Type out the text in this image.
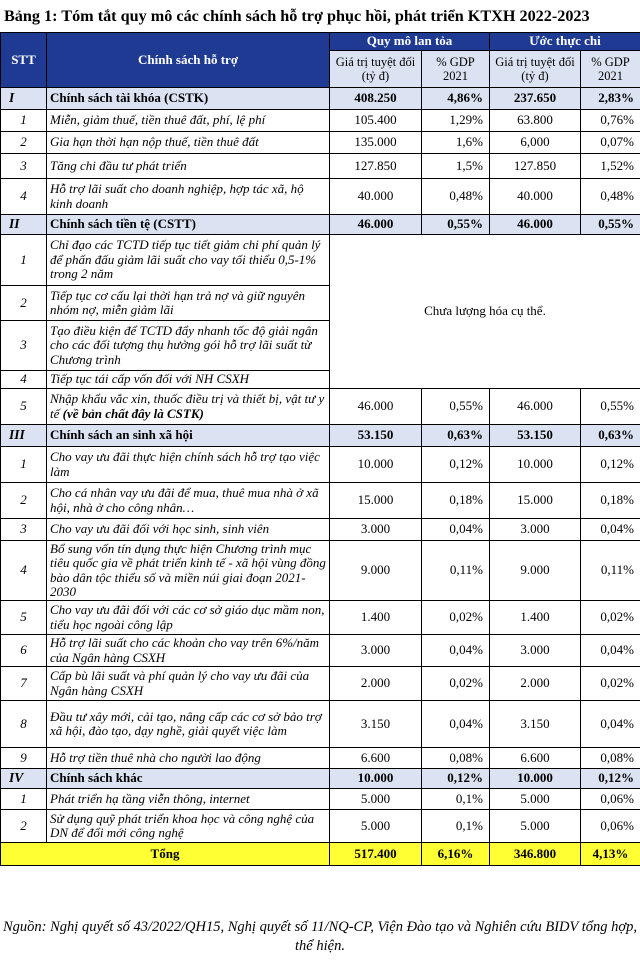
Bảng 1: Tóm tắt quy mô các chính sách hỗ trợ phục hồi, phát triển KTXH 2022-2023
STT	Chính sách hỗ trợ	Quy mô lan tỏa		Ước thực chi	
		Giá trị tuyệt đối (tỷ đ)	% GDP 2021	Giá trị tuyệt đối (tỷ đ)	% GDP 2021
I	Chính sách tài khóa (CSTK)	408.250	4,86%	237.650	2,83%
1	Miễn, giảm thuế, tiền thuê đất, phí, lệ phí	105.400	1,29%	63.800	0,76%
2	Gia hạn thời hạn nộp thuế, tiền thuê đất	135.000	1,6%	6,000	0,07%
3	Tăng chi đầu tư phát triển	127.850	1,5%	127.850	1,52%
4	Hỗ trợ lãi suất cho doanh nghiệp, hợp tác xã, hộ kinh doanh	40.000	0,48%	40.000	0,48%
II	Chính sách tiền tệ (CSTT)	46.000	0,55%	46.000	0,55%
1	Chỉ đạo các TCTD tiếp tục tiết giảm chi phí quản lý để phấn đấu giảm lãi suất cho vay tối thiểu 0,5-1% trong 2 năm	Chưa lượng hóa cụ thể.			
2	Tiếp tục cơ cấu lại thời hạn trả nợ và giữ nguyên nhóm nợ, miễn giảm lãi				
3	Tạo điều kiện để TCTD đẩy nhanh tốc độ giải ngân cho các đối tượng thụ hưởng gói hỗ trợ lãi suất từ Chương trình				
4	Tiếp tục tái cấp vốn đối với NH CSXH				
5	Nhập khẩu vắc xin, thuốc điều trị và thiết bị, vật tư y tế (về bản chất đây là CSTK)	46.000	0,55%	46.000	0,55%
III	Chính sách an sinh xã hội	53.150	0,63%	53.150	0,63%
1	Cho vay ưu đãi thực hiện chính sách hỗ trợ tạo việc làm	10.000	0,12%	10.000	0,12%
2	Cho cá nhân vay ưu đãi để mua, thuê mua nhà ở xã hội, nhà ở cho công nhân…	15.000	0,18%	15.000	0,18%
3	Cho vay ưu đãi đối với học sinh, sinh viên	3.000	0,04%	3.000	0,04%
4	Bổ sung vốn tín dụng thực hiện Chương trình mục tiêu quốc gia về phát triển kinh tế - xã hội vùng đồng bào dân tộc thiểu số và miền núi giai đoạn 2021-2030	9.000	0,11%	9.000	0,11%
5	Cho vay ưu đãi đối với các cơ sở giáo dục mầm non, tiểu học ngoài công lập	1.400	0,02%	1.400	0,02%
6	Hỗ trợ lãi suất cho các khoản cho vay trên 6%/năm của Ngân hàng CSXH	3.000	0,04%	3.000	0,04%
7	Cấp bù lãi suất và phí quản lý cho vay ưu đãi của Ngân hàng CSXH	2.000	0,02%	2.000	0,02%
8	Đầu tư xây mới, cải tạo, nâng cấp các cơ sở bảo trợ xã hội, đào tạo, dạy nghề, giải quyết việc làm	3.150	0,04%	3.150	0,04%
9	Hỗ trợ tiền thuê nhà cho người lao động	6.600	0,08%	6.600	0,08%
IV	Chính sách khác	10.000	0,12%	10.000	0,12%
1	Phát triển hạ tầng viễn thông, internet	5.000	0,1%	5.000	0,06%
2	Sử dụng quỹ phát triển khoa học và công nghệ của DN để đổi mới công nghệ	5.000	0,1%	5.000	0,06%
Tổng		517.400	6,16%	346.800	4,13%
Nguồn: Nghị quyết số 43/2022/QH15, Nghị quyết số 11/NQ-CP, Viện Đào tạo và Nghiên cứu BIDV tổng hợp, thể hiện.
